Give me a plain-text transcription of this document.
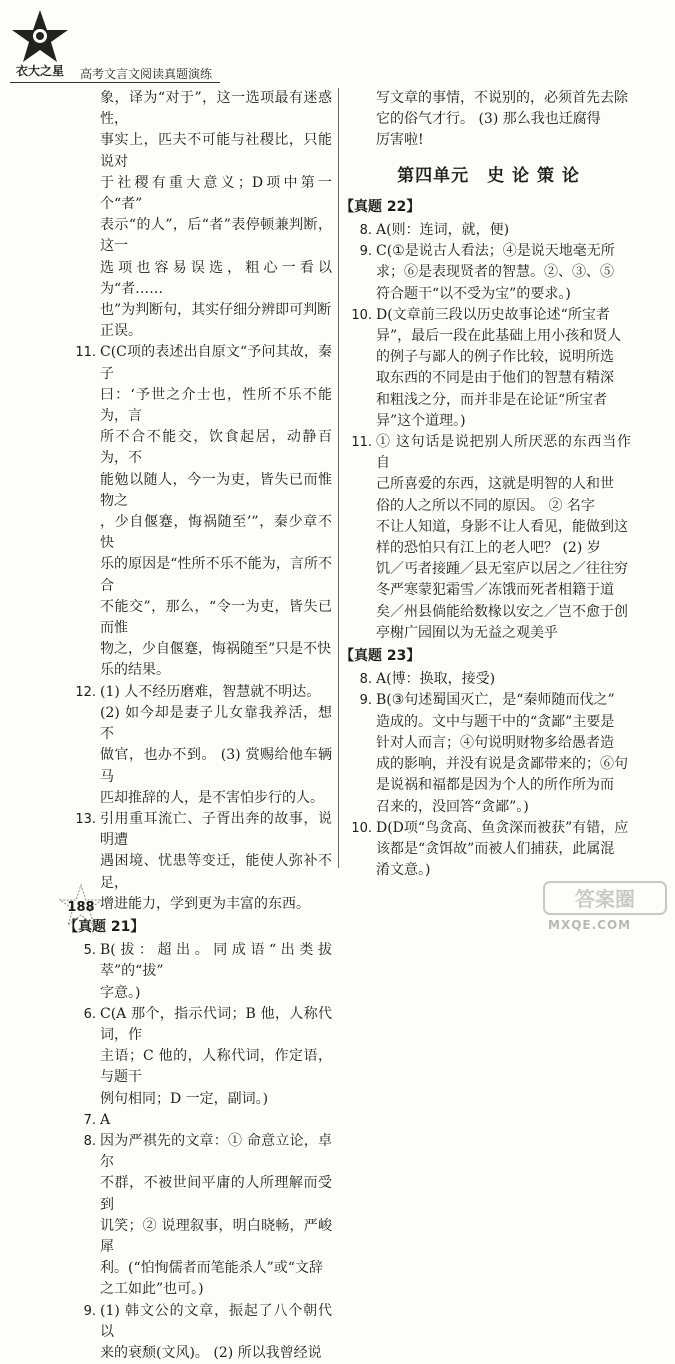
衣大之星 高考文言文阅读真题演练

象，译为“对于”，这一选项最有迷惑性，

事实上，匹夫不可能与社稷比，只能说对

于社稷有重大意义；D项中第一个“者”

表示“的人”，后“者”表停顿兼判断，这一

选项也容易误选，粗心一看以为“者……

也”为判断句，其实仔细分辨即可判断

正误。

11. C(C项的表述出自原文“予问其故，秦子

曰：‘予世之介士也，性所不乐不能为，言

所不合不能交，饮食起居，动静百为，不

能勉以随人，今一为吏，皆失已而惟物之

，少自偃蹇，悔祸随至’”，秦少章不快

乐的原因是“性所不乐不能为，言所不合

不能交”，那么，“令一为吏，皆失已而惟

物之，少自偃蹇，悔祸随至”只是不快

乐的结果。

12. (1) 人不经历磨难，智慧就不明达。

(2) 如今却是妻子儿女靠我养活，想不

做官，也办不到。 (3) 赏赐给他车辆马

匹却推辞的人，是不害怕步行的人。

13. 引用重耳流亡、子胥出奔的故事，说明遭

遇困境、忧患等变迁，能使人弥补不足，

增进能力，学到更为丰富的东西。

【真题 21】

5. B(拔：超出。同成语“出类拔萃”的“拔”

字意。)

6. C(A 那个，指示代词；B 他，人称代词，作

主语；C 他的，人称代词，作定语，与题干

例句相同；D 一定，副词。)

7. A

8. 因为严祺先的文章：① 命意立论，卓尔

不群，不被世间平庸的人所理解而受到

讥笑；② 说理叙事，明白晓畅，严峻犀

利。(“怕恂儒者而笔能杀人”或“文辞

之工如此”也可。)

9. (1) 韩文公的文章，振起了八个朝代以

来的衰颓(文风)。 (2) 所以我曾经说

写文章的事情，不说别的，必须首先去除

它的俗气才行。 (3) 那么我也迁腐得

厉害啦!

第四单元　史 论 策 论

【真题 22】

8. A(则：连词，就，便)

9. C(①是说古人看法；④是说天地毫无所

求；⑥是表现贤者的智慧。②、③、⑤

符合题干“以不受为宝”的要求。)

10. D(文章前三段以历史故事论述“所宝者

异”，最后一段在此基础上用小孩和贤人

的例子与鄙人的例子作比较，说明所选

取东西的不同是由于他们的智慧有精深

和粗浅之分，而并非是在论证“所宝者

异”这个道理。)

11. ① 这句话是说把别人所厌恶的东西当作自

己所喜爱的东西，这就是明智的人和世

俗的人之所以不同的原因。 ② 名字

不让人知道，身影不让人看见，能做到这

样的恐怕只有江上的老人吧？ (2) 岁

饥／丐者接踵／县无室庐以居之／往往穷

冬严寒蒙犯霜雪／冻饿而死者相籍于道

矣／州县倘能给数椽以安之／岂不愈于创

亭榭广园囿以为无益之观美乎

【真题 23】

8. A(博：换取，接受)

9. B(③句述蜀国灭亡，是“秦师随而伐之”

造成的。文中与题干中的“贪鄙”主要是

针对人而言；④句说明财物多给愚者造

成的影响，并没有说是贪鄙带来的；⑥句

是说祸和福都是因为个人的所作所为而

召来的，没回答“贪鄙”。)

10. D(D项“鸟贪高、鱼贪深而被获”有错，应

该都是“贪饵故”而被人们捕获，此属混

淆文意。)

188	答案圈
MXQE.COM
